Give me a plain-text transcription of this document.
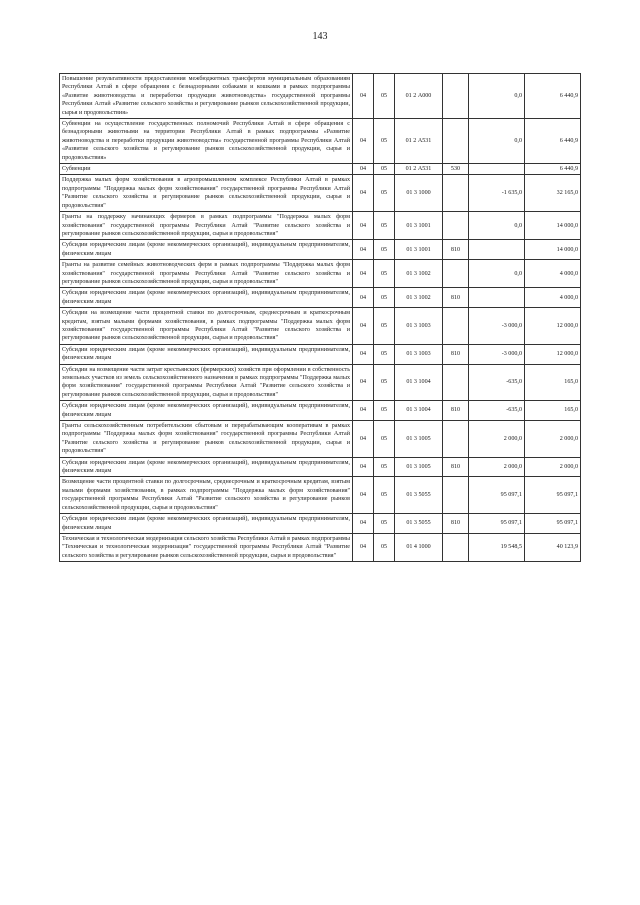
143
Повышение результативности предоставления межбюджетных трансфертов муниципальным образованиям Республики Алтай в сфере обращения с безнадзорными собаками и кошками в рамках подпрограммы «Развитие животноводства и переработки продукции животноводства» государственной программы Республики Алтай «Развитие сельского хозяйства и регулирование рынков сельскохозяйственной продукции, сырья и продовольствия»	04	05	01 2 А000		0,0	6 440,9
Субвенции на осуществление государственных полномочий Республики Алтай в сфере обращения с безнадзорными животными на территории Республики Алтай в рамках подпрограммы «Развитие животноводства и переработки продукции животноводства» государственной программы Республики Алтай «Развитие сельского хозяйства и регулирование рынков сельскохозяйственной продукции, сырья и продовольствия»	04	05	01 2 А531		0,0	6 440,9
Субвенции	04	05	01 2 А531	530		6 440,9
Поддержка малых форм хозяйствования в агропромышленном комплексе Республики Алтай в рамках подпрограммы "Поддержка малых форм хозяйствования" государственной программы Республики Алтай "Развитие сельского хозяйства и регулирование рынков сельскохозяйственной продукции, сырья и продовольствия"	04	05	01 3 1000		-1 635,0	32 165,0
Гранты на поддержку начинающих фермеров в рамках подпрограммы "Поддержка малых форм хозяйствования" государственной программы Республики Алтай "Развитие сельского хозяйства и регулирование рынков сельскохозяйственной продукции, сырья и продовольствия"	04	05	01 3 1001		0,0	14 000,0
Субсидии юридическим лицам (кроме некоммерческих организаций), индивидуальным предпринимателям, физическим лицам	04	05	01 3 1001	810		14 000,0
Гранты на развитие семейных животноводческих ферм в рамках подпрограммы "Поддержка малых форм хозяйствования" государственной программы Республики Алтай "Развитие сельского хозяйства и регулирование рынков сельскохозяйственной продукции, сырья и продовольствия"	04	05	01 3 1002		0,0	4 000,0
Субсидии юридическим лицам (кроме некоммерческих организаций), индивидуальным предпринимателям, физическим лицам	04	05	01 3 1002	810		4 000,0
Субсидии на возмещение части процентной ставки по долгосрочным, среднесрочным и краткосрочным кредитам, взятым малыми формами хозяйствования, в рамках подпрограммы "Поддержка малых форм хозяйствования" государственной программы Республики Алтай "Развитие сельского хозяйства и регулирование рынков сельскохозяйственной продукции, сырья и продовольствия"	04	05	01 3 1003		-3 000,0	12 000,0
Субсидии юридическим лицам (кроме некоммерческих организаций), индивидуальным предпринимателям, физическим лицам	04	05	01 3 1003	810	-3 000,0	12 000,0
Субсидии на возмещение части затрат крестьянских (фермерских) хозяйств при оформлении в собственность земельных участков из земель сельскохозяйственного назначения в рамках подпрограммы "Поддержка малых форм хозяйствования" государственной программы Республики Алтай "Развитие сельского хозяйства и регулирование рынков сельскохозяйственной продукции, сырья и продовольствия"	04	05	01 3 1004		-635,0	165,0
Субсидии юридическим лицам (кроме некоммерческих организаций), индивидуальным предпринимателям, физическим лицам	04	05	01 3 1004	810	-635,0	165,0
Гранты сельскохозяйственным потребительским сбытовым и перерабатывающим кооперативам в рамках подпрограммы "Поддержка малых форм хозяйствования" государственной программы Республики Алтай "Развитие сельского хозяйства и регулирование рынков сельскохозяйственной продукции, сырья и продовольствия"	04	05	01 3 1005		2 000,0	2 000,0
Субсидии юридическим лицам (кроме некоммерческих организаций), индивидуальным предпринимателям, физическим лицам	04	05	01 3 1005	810	2 000,0	2 000,0
Возмещение части процентной ставки по долгосрочным, среднесрочным и краткосрочным кредитам, взятым малыми формами хозяйствования, в рамках подпрограммы "Поддержка малых форм хозяйствования" государственной программы Республики Алтай "Развитие сельского хозяйства и регулирование рынков сельскохозяйственной продукции, сырья и продовольствия"	04	05	01 3 5055		95 097,1	95 097,1
Субсидии юридическим лицам (кроме некоммерческих организаций), индивидуальным предпринимателям, физическим лицам	04	05	01 3 5055	810	95 097,1	95 097,1
Техническая и технологическая модернизация сельского хозяйства Республики Алтай в рамках подпрограммы "Техническая и технологическая модернизация" государственной программы Республики Алтай "Развитие сельского хозяйства и регулирование рынков сельскохозяйственной продукции, сырья и продовольствия"	04	05	01 4 1000		19 548,5	40 123,9
